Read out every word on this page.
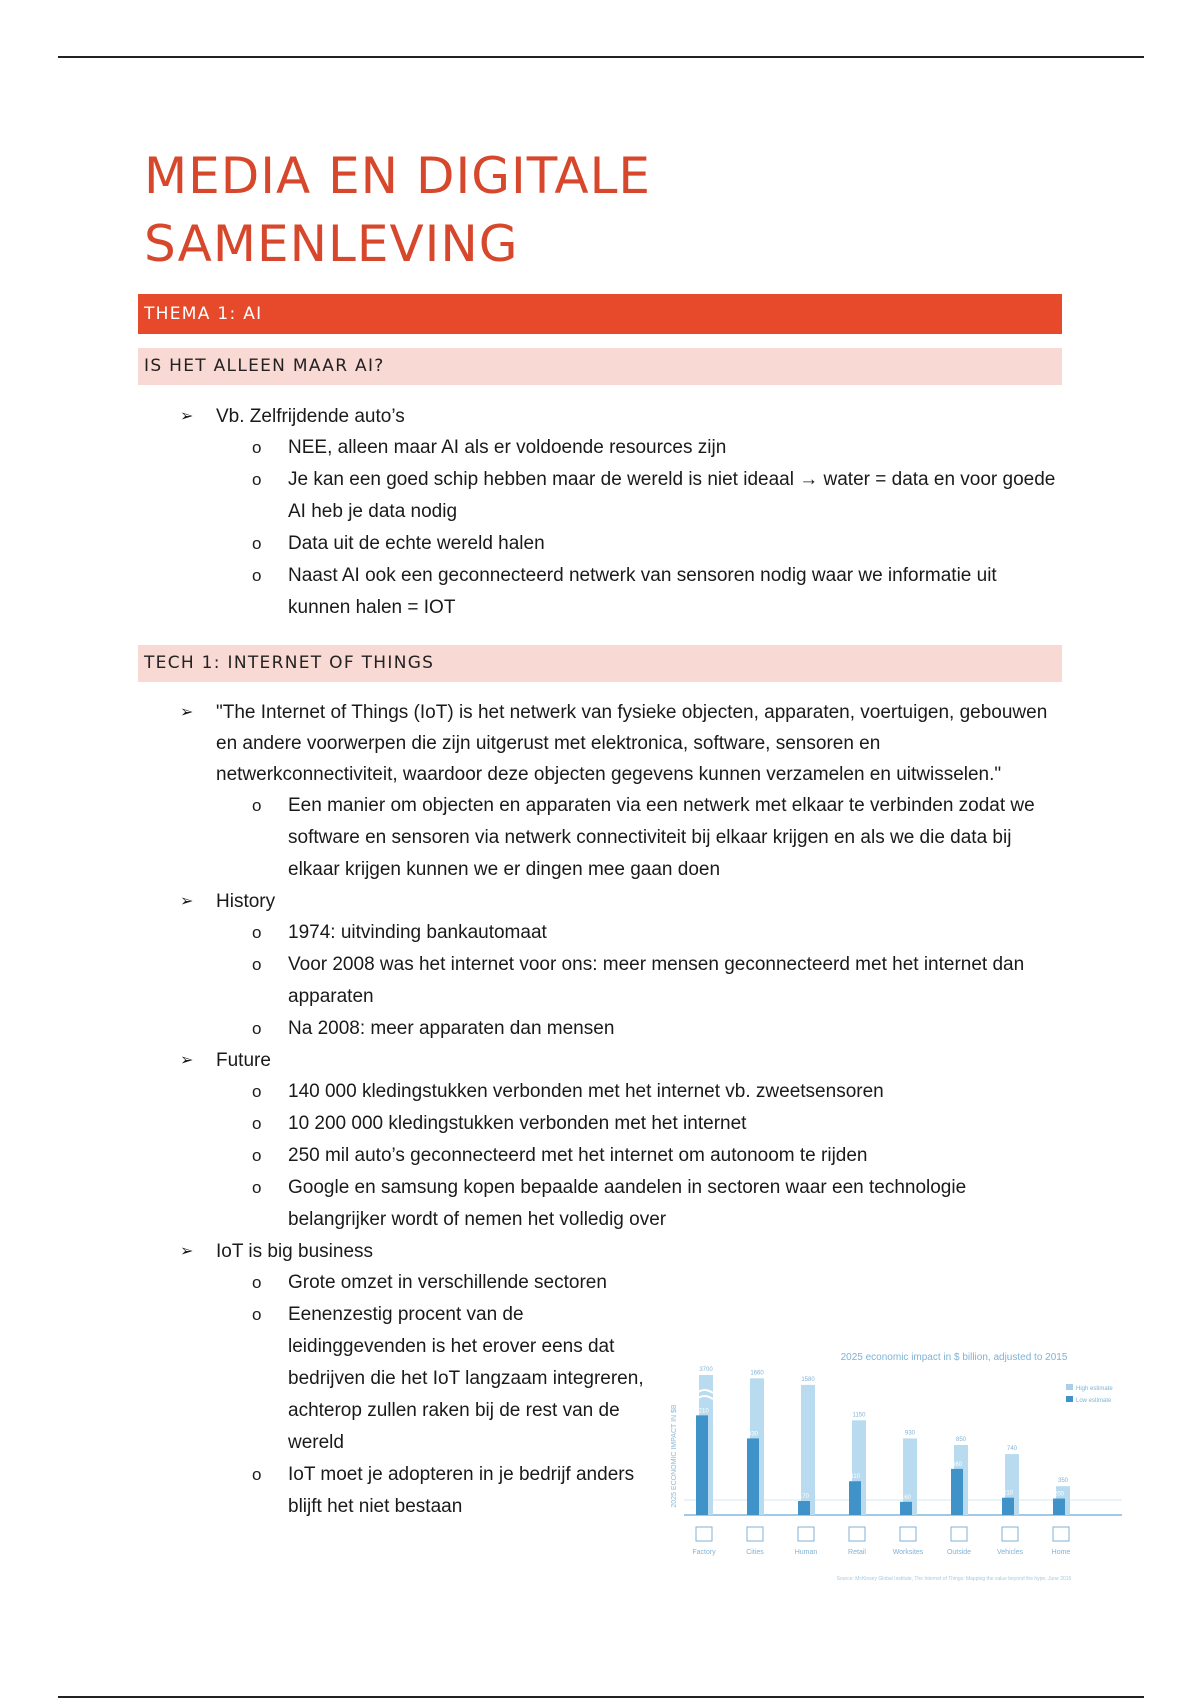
MEDIA EN DIGITALE
SAMENLEVING
THEMA 1: AI
IS HET ALLEEN MAAR AI?
➢ Vb. Zelfrijdende auto’s
o NEE, alleen maar AI als er voldoende resources zijn
o Je kan een goed schip hebben maar de wereld is niet ideaal → water = data en voor goede AI heb je data nodig
o Data uit de echte wereld halen
o Naast AI ook een geconnecteerd netwerk van sensoren nodig waar we informatie uit kunnen halen = IOT
TECH 1: INTERNET OF THINGS
➢ "The Internet of Things (IoT) is het netwerk van fysieke objecten, apparaten, voertuigen, gebouwen en andere voorwerpen die zijn uitgerust met elektronica, software, sensoren en netwerkconnectiviteit, waardoor deze objecten gegevens kunnen verzamelen en uitwisselen."
o Een manier om objecten en apparaten via een netwerk met elkaar te verbinden zodat we software en sensoren via netwerk connectiviteit bij elkaar krijgen en als we die data bij elkaar krijgen kunnen we er dingen mee gaan doen
➢ History
o 1974: uitvinding bankautomaat
o Voor 2008 was het internet voor ons: meer mensen geconnecteerd met het internet dan apparaten
o Na 2008: meer apparaten dan mensen
➢ Future
o 140 000 kledingstukken verbonden met het internet vb. zweetsensoren
o 10 200 000 kledingstukken verbonden met het internet
o 250 mil auto’s geconnecteerd met het internet om autonoom te rijden
o Google en samsung kopen bepaalde aandelen in sectoren waar een technologie belangrijker wordt of nemen het volledig over
➢ IoT is big business
o Grote omzet in verschillende sectoren
o Eenenzestig procent van de leidinggevenden is het erover eens dat bedrijven die het IoT langzaam integreren, achterop zullen raken bij de rest van de wereld
o IoT moet je adopteren in je bedrijf anders blijft het niet bestaan
2025 economic impact in $ billion, adjusted to 2015
2025 ECONOMIC IMPACT IN $B
High estimate
Low estimate
3700
1210
Factory
1660
930
Cities
1580
170
Human
1150
410
Retail
930
160
Worksites
850
560
Outside
740
210
Vehicles
350
200
Home
Source: McKinsey Global Institute, The Internet of Things: Mapping the value beyond the hype, June 2015
